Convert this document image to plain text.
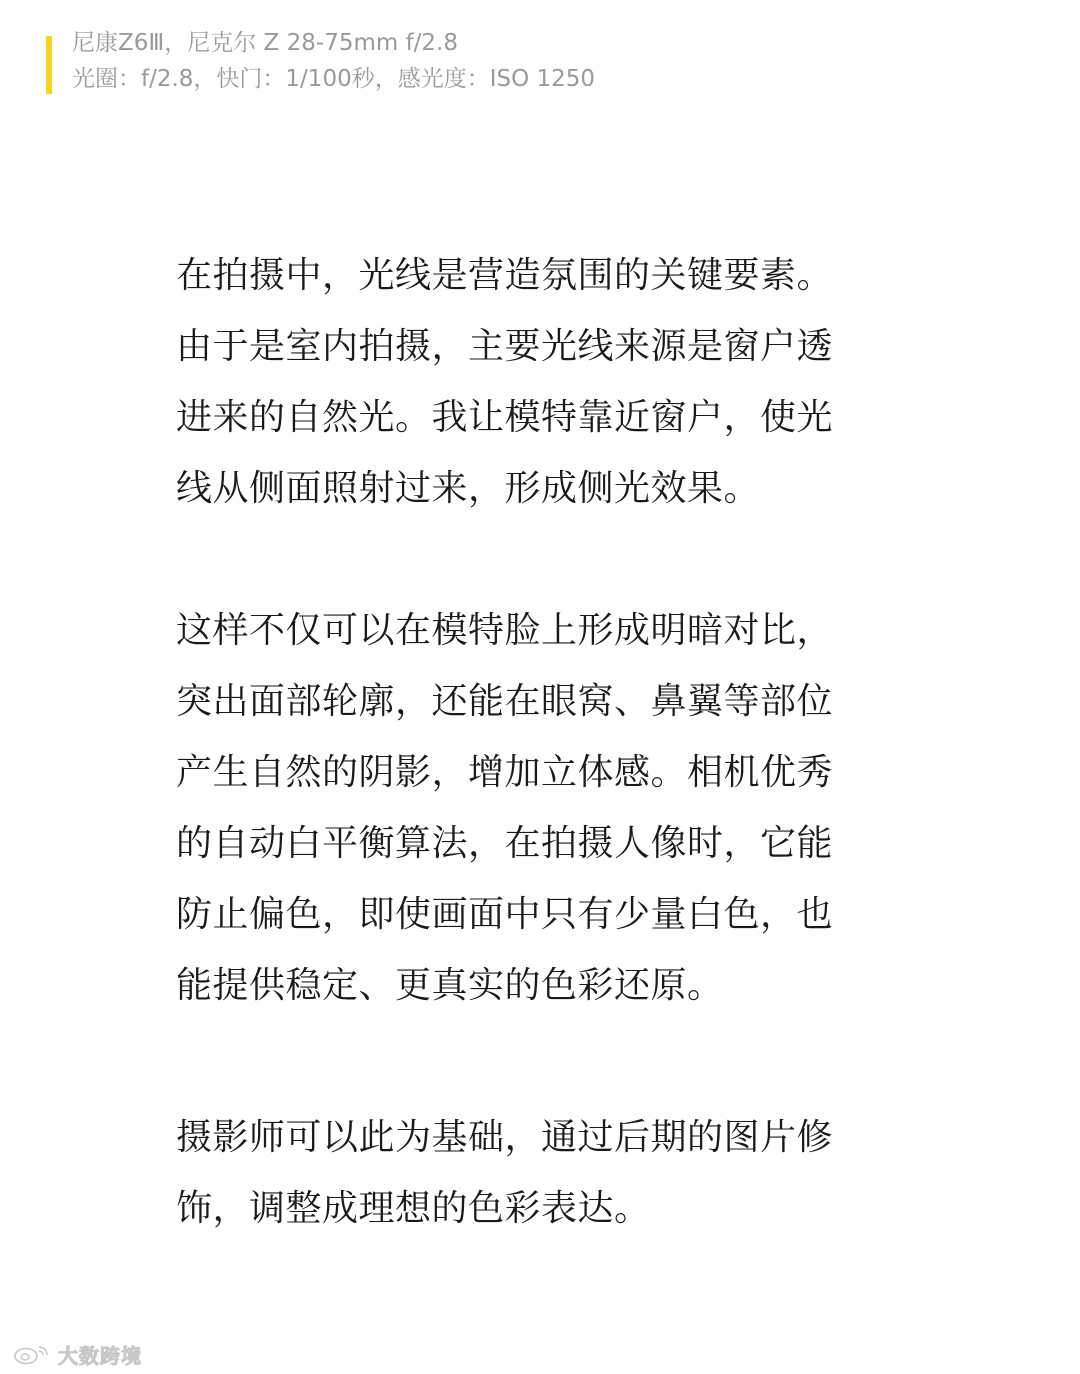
尼康Z6Ⅲ，尼克尔 Z 28-75mm f/2.8
光圈：f/2.8，快门：1/100秒，感光度：ISO 1250

在拍摄中，光线是营造氛围的关键要素。
由于是室内拍摄，主要光线来源是窗户透
进来的自然光。我让模特靠近窗户，使光
线从侧面照射过来，形成侧光效果。

这样不仅可以在模特脸上形成明暗对比，
突出面部轮廓，还能在眼窝、鼻翼等部位
产生自然的阴影，增加立体感。相机优秀
的自动白平衡算法，在拍摄人像时，它能
防止偏色，即使画面中只有少量白色，也
能提供稳定、更真实的色彩还原。

摄影师可以此为基础，通过后期的图片修
饰，调整成理想的色彩表达。

大数跨境
